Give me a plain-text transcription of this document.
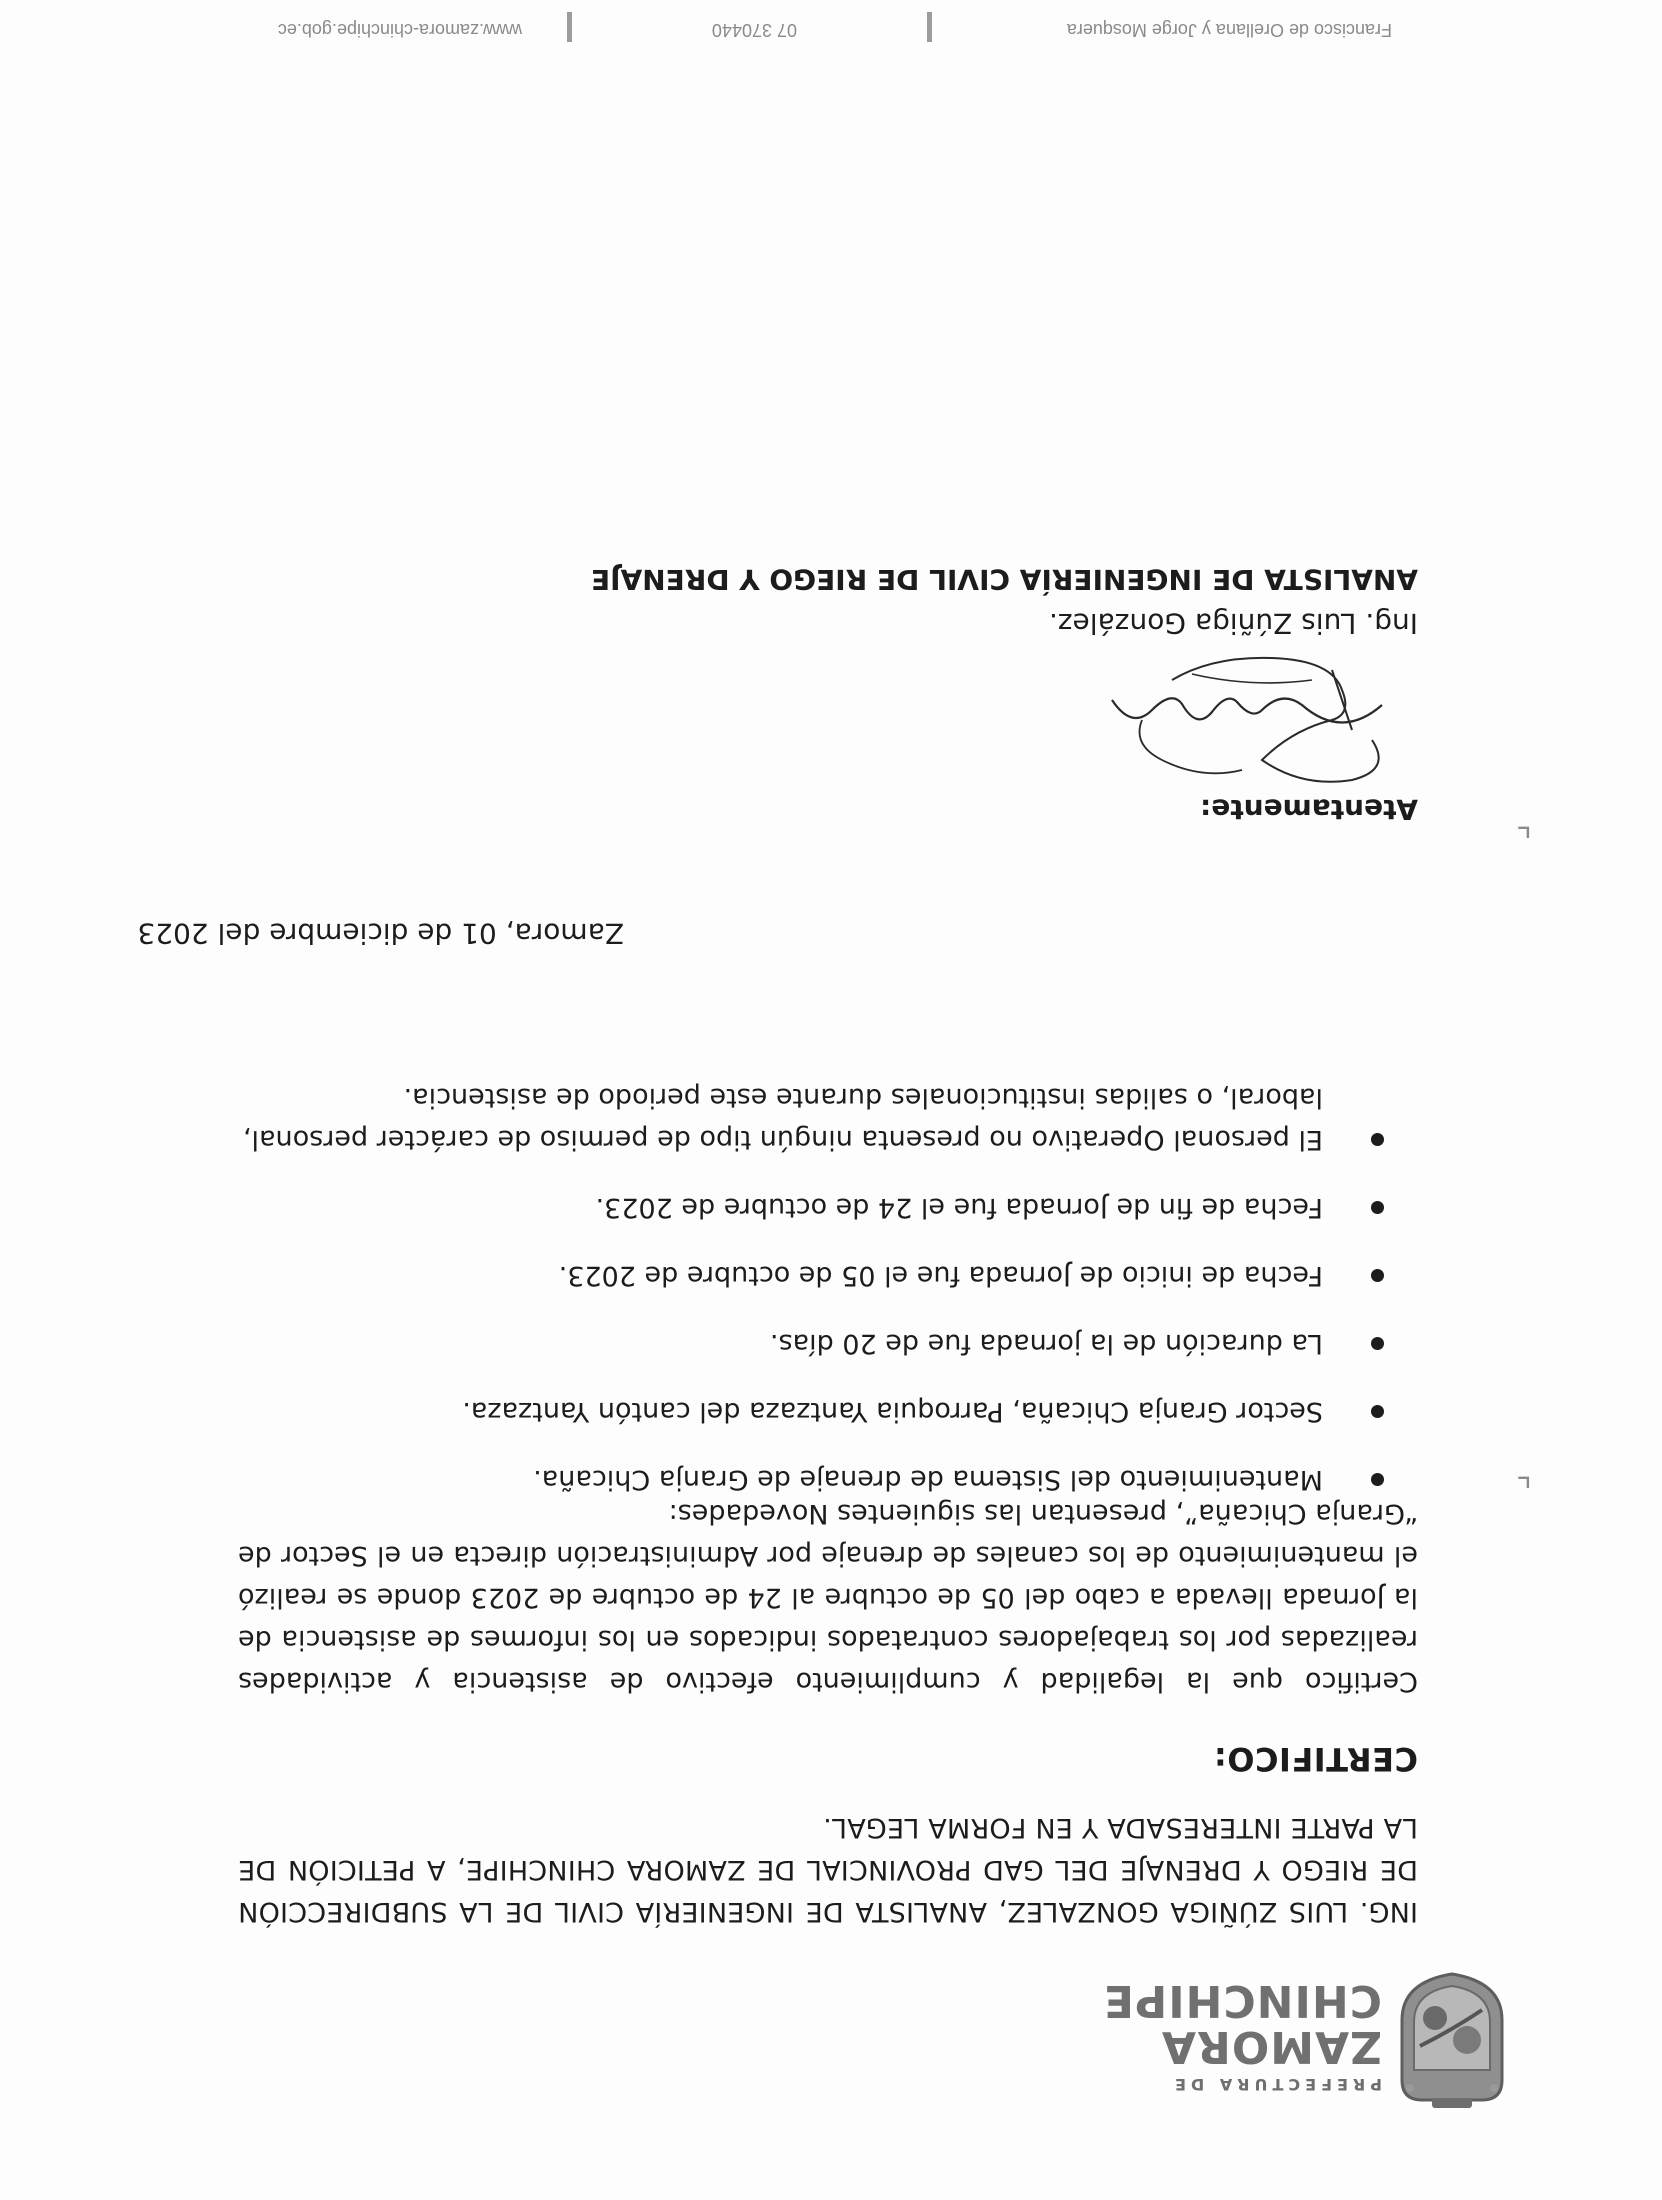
PREFECTURA DE
ZAMORA
CHINCHIPE
ING. LUIS ZÚÑIGA GONZALEZ, ANALISTA DE INGENIERÍA CIVIL DE LA SUBDIRECCIÓN DE RIEGO Y DRENAJE DEL GAD PROVINCIAL DE ZAMORA CHINCHIPE, A PETICIÓN DE LA PARTE INTERESADA Y EN FORMA LEGAL.
CERTIFICO:
Certifico que la legalidad y cumplimiento efectivo de asistencia y actividades realizadas por los trabajadores contratados indicados en los informes de asistencia de la Jornada llevada a cabo del 05 de octubre al 24 de octubre de 2023 donde se realizó el mantenimiento de los canales de drenaje por Administración directa en el Sector de “Granja Chicaña”, presentan las siguientes Novedades:
Mantenimiento del Sistema de drenaje de Granja Chicaña.
Sector Granja Chicaña, Parroquia Yantzaza del cantón Yantzaza.
La duración de la jornada fue de 20 días.
Fecha de inicio de Jornada fue el 05 de octubre de 2023.
Fecha de fin de Jornada fue el 24 de octubre de 2023.
El personal Operativo no presenta ningún tipo de permiso de carácter personal, laboral, o salidas institucionales durante este periodo de asistencia.
Zamora, 01 de diciembre del 2023
Atentamente:
Ing. Luis Zúñiga González.
ANALISTA DE INGENIERÍA CIVIL DE RIEGO Y DRENAJE
⌞
⌞
Francisco de Orellana y Jorge Mosquera
07 370440
www.zamora-chinchipe.gob.ec
